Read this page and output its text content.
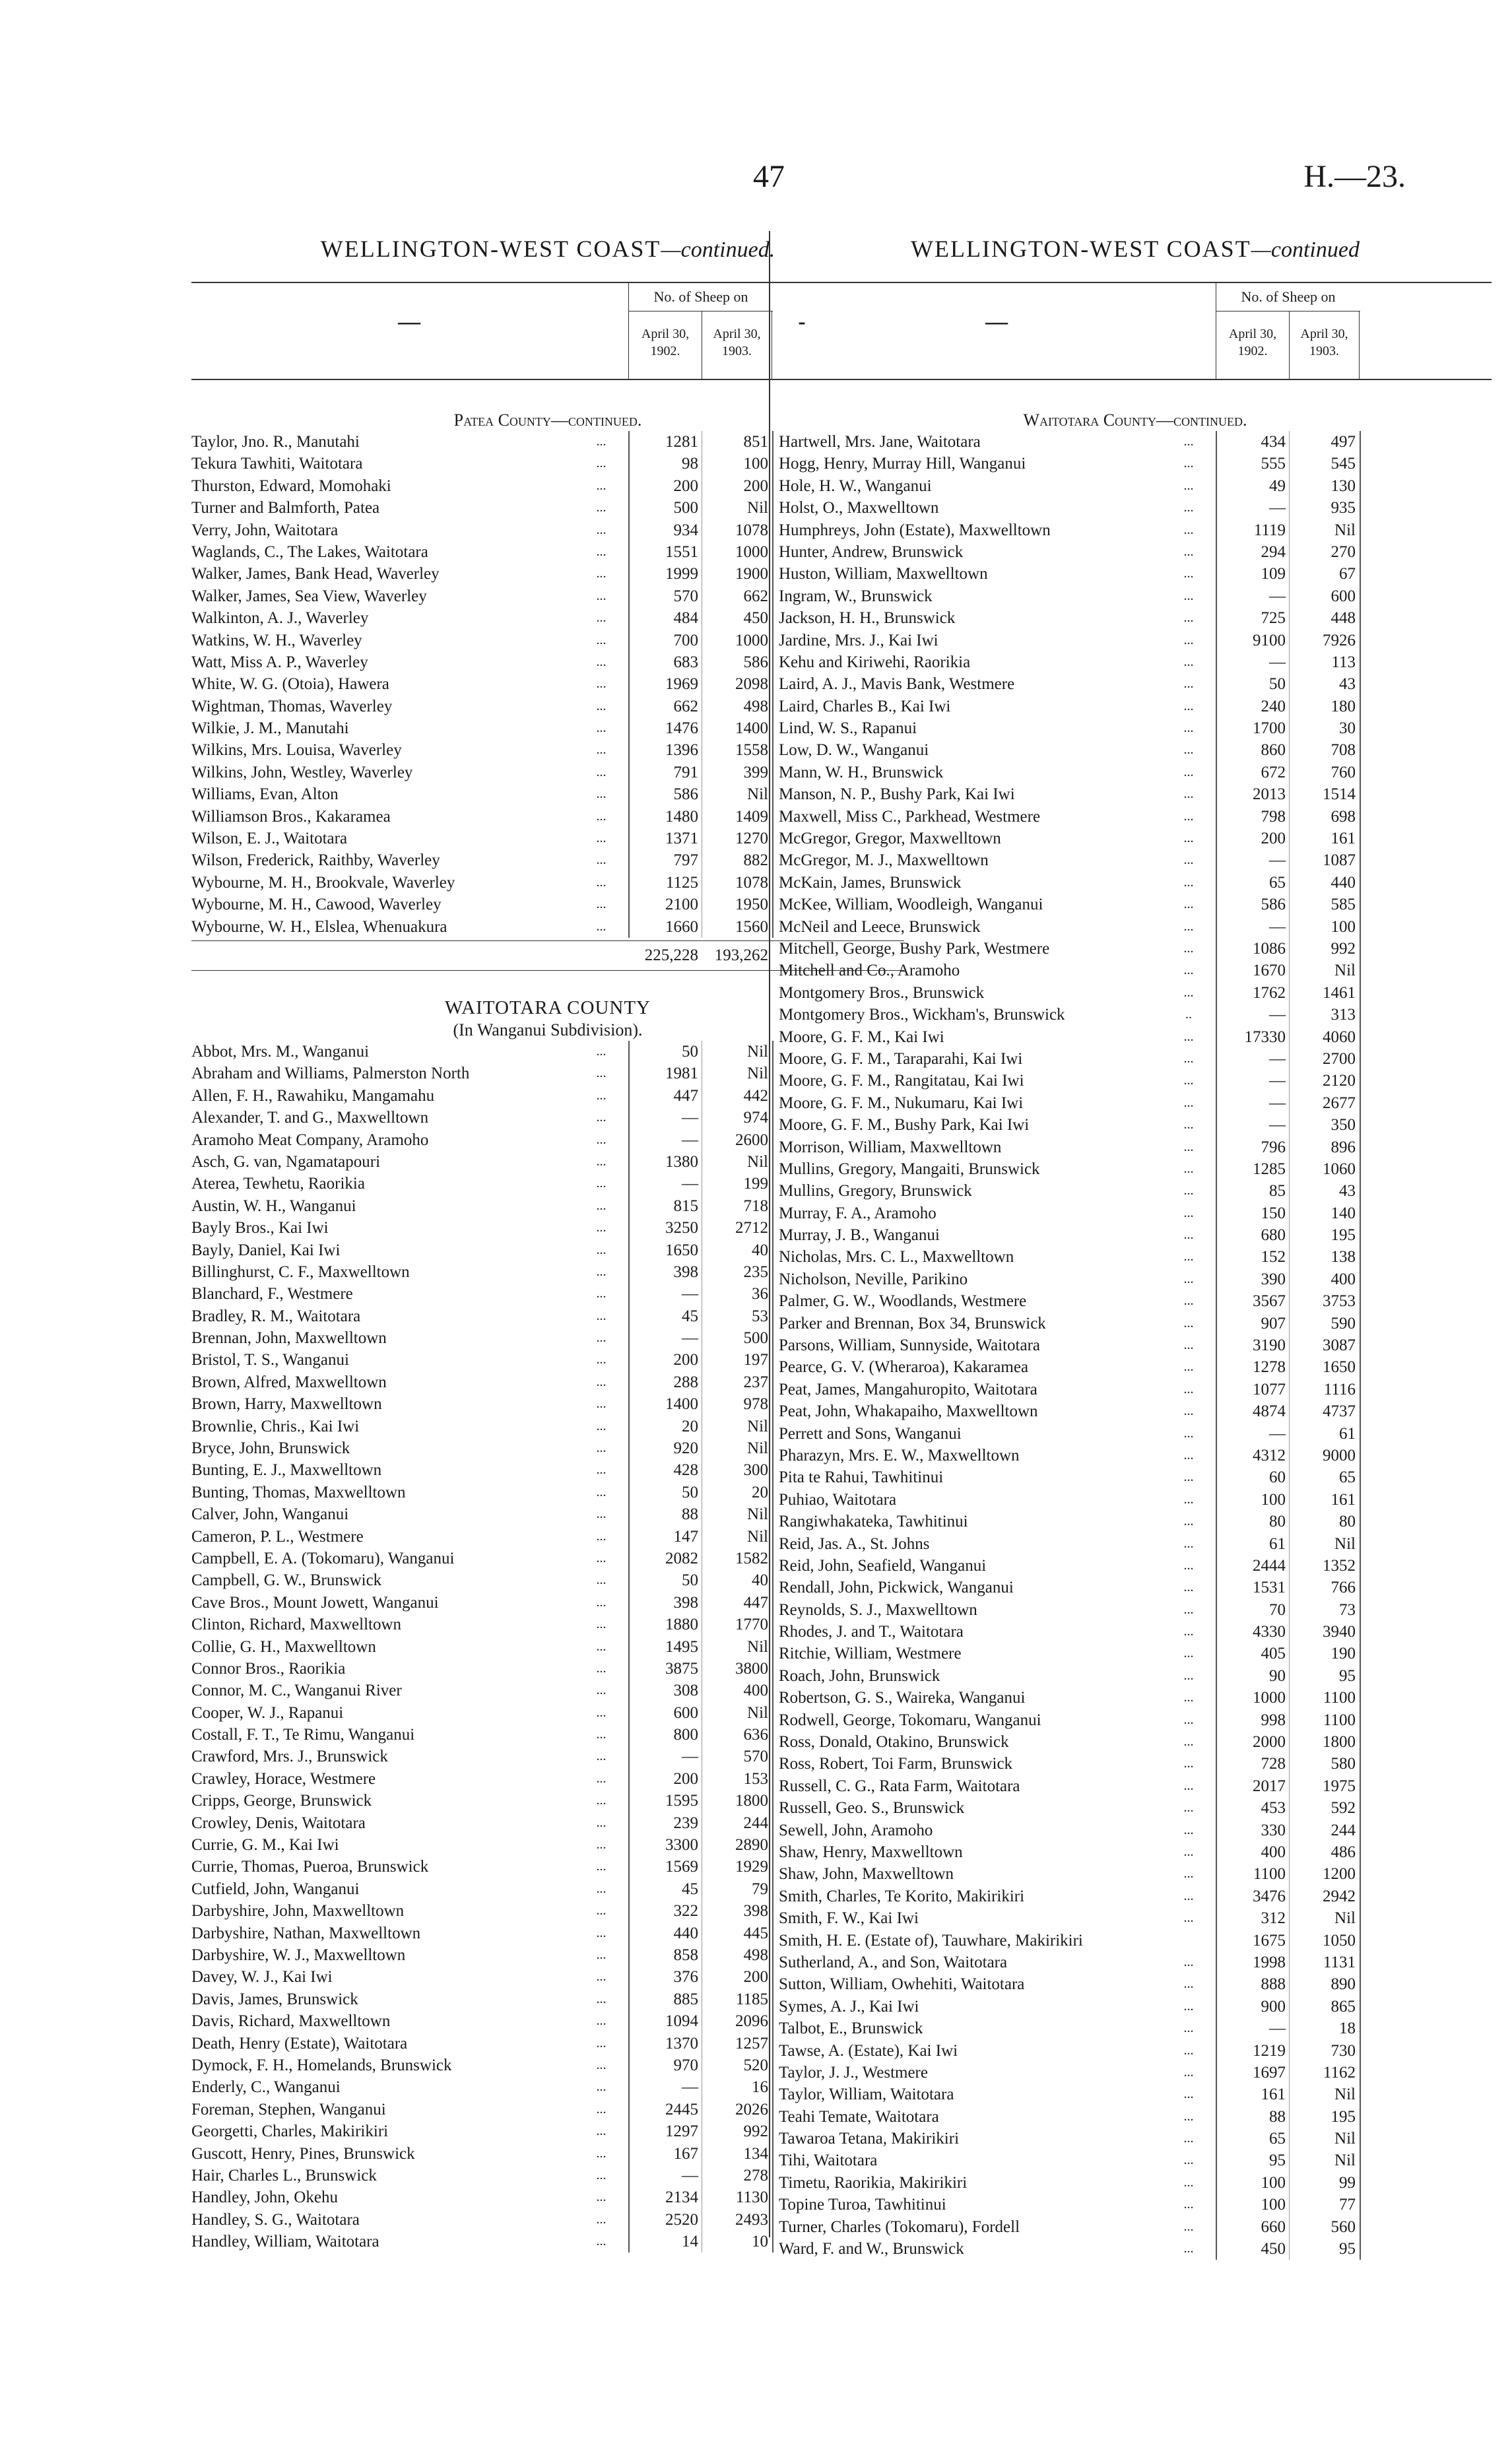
47	H.—23.
WELLINGTON-WEST COAST—continued.
—
No. of Sheep on
April 30,
1902.
April 30,
1903.
Patea County—continued.
Taylor, Jno. R., Manutahi	...	1281	851
Tekura Tawhiti, Waitotara	...	98	100
Thurston, Edward, Momohaki	...	200	200
Turner and Balmforth, Patea	...	500	Nil
Verry, John, Waitotara	...	934	1078
Waglands, C., The Lakes, Waitotara	...	1551	1000
Walker, James, Bank Head, Waverley	...	1999	1900
Walker, James, Sea View, Waverley	...	570	662
Walkinton, A. J., Waverley	...	484	450
Watkins, W. H., Waverley	...	700	1000
Watt, Miss A. P., Waverley	...	683	586
White, W. G. (Otoia), Hawera	...	1969	2098
Wightman, Thomas, Waverley	...	662	498
Wilkie, J. M., Manutahi	...	1476	1400
Wilkins, Mrs. Louisa, Waverley	...	1396	1558
Wilkins, John, Westley, Waverley	...	791	399
Williams, Evan, Alton	...	586	Nil
Williamson Bros., Kakaramea	...	1480	1409
Wilson, E. J., Waitotara	...	1371	1270
Wilson, Frederick, Raithby, Waverley	...	797	882
Wybourne, M. H., Brookvale, Waverley	...	1125	1078
Wybourne, M. H., Cawood, Waverley	...	2100	1950
Wybourne, W. H., Elslea, Whenuakura	...	1660	1560
225,228 193,262
WAITOTARA COUNTY
(In Wanganui Subdivision).
Abbot, Mrs. M., Wanganui	...	50	Nil
Abraham and Williams, Palmerston North	...	1981	Nil
Allen, F. H., Rawahiku, Mangamahu	...	447	442
Alexander, T. and G., Maxwelltown	...	—	974
Aramoho Meat Company, Aramoho	...	—	2600
Asch, G. van, Ngamatapouri	...	1380	Nil
Aterea, Tewhetu, Raorikia	...	—	199
Austin, W. H., Wanganui	...	815	718
Bayly Bros., Kai Iwi	...	3250	2712
Bayly, Daniel, Kai Iwi	...	1650	40
Billinghurst, C. F., Maxwelltown	...	398	235
Blanchard, F., Westmere	...	—	36
Bradley, R. M., Waitotara	...	45	53
Brennan, John, Maxwelltown	...	—	500
Bristol, T. S., Wanganui	...	200	197
Brown, Alfred, Maxwelltown	...	288	237
Brown, Harry, Maxwelltown	...	1400	978
Brownlie, Chris., Kai Iwi	...	20	Nil
Bryce, John, Brunswick	...	920	Nil
Bunting, E. J., Maxwelltown	...	428	300
Bunting, Thomas, Maxwelltown	...	50	20
Calver, John, Wanganui	...	88	Nil
Cameron, P. L., Westmere	...	147	Nil
Campbell, E. A. (Tokomaru), Wanganui	...	2082	1582
Campbell, G. W., Brunswick	...	50	40
Cave Bros., Mount Jowett, Wanganui	...	398	447
Clinton, Richard, Maxwelltown	...	1880	1770
Collie, G. H., Maxwelltown	...	1495	Nil
Connor Bros., Raorikia	...	3875	3800
Connor, M. C., Wanganui River	...	308	400
Cooper, W. J., Rapanui	...	600	Nil
Costall, F. T., Te Rimu, Wanganui	...	800	636
Crawford, Mrs. J., Brunswick	...	—	570
Crawley, Horace, Westmere	...	200	153
Cripps, George, Brunswick	...	1595	1800
Crowley, Denis, Waitotara	...	239	244
Currie, G. M., Kai Iwi	...	3300	2890
Currie, Thomas, Pueroa, Brunswick	...	1569	1929
Cutfield, John, Wanganui	...	45	79
Darbyshire, John, Maxwelltown	...	322	398
Darbyshire, Nathan, Maxwelltown	...	440	445
Darbyshire, W. J., Maxwelltown	...	858	498
Davey, W. J., Kai Iwi	...	376	200
Davis, James, Brunswick	...	885	1185
Davis, Richard, Maxwelltown	...	1094	2096
Death, Henry (Estate), Waitotara	...	1370	1257
Dymock, F. H., Homelands, Brunswick	...	970	520
Enderly, C., Wanganui	...	—	16
Foreman, Stephen, Wanganui	...	2445	2026
Georgetti, Charles, Makirikiri	...	1297	992
Guscott, Henry, Pines, Brunswick	...	167	134
Hair, Charles L., Brunswick	...	—	278
Handley, John, Okehu	...	2134	1130
Handley, S. G., Waitotara	...	2520	2493
Handley, William, Waitotara	...	14	10
WELLINGTON-WEST COAST—continued
-	—
No. of Sheep on
April 30,
1902.
April 30,
1903.
Waitotara County—continued.
Hartwell, Mrs. Jane, Waitotara	...	434	497
Hogg, Henry, Murray Hill, Wanganui	...	555	545
Hole, H. W., Wanganui	...	49	130
Holst, O., Maxwelltown	...	—	935
Humphreys, John (Estate), Maxwelltown	...	1119	Nil
Hunter, Andrew, Brunswick	...	294	270
Huston, William, Maxwelltown	...	109	67
Ingram, W., Brunswick	...	—	600
Jackson, H. H., Brunswick	...	725	448
Jardine, Mrs. J., Kai Iwi	...	9100	7926
Kehu and Kiriwehi, Raorikia	...	—	113
Laird, A. J., Mavis Bank, Westmere	...	50	43
Laird, Charles B., Kai Iwi	...	240	180
Lind, W. S., Rapanui	...	1700	30
Low, D. W., Wanganui	...	860	708
Mann, W. H., Brunswick	...	672	760
Manson, N. P., Bushy Park, Kai Iwi	...	2013	1514
Maxwell, Miss C., Parkhead, Westmere	...	798	698
McGregor, Gregor, Maxwelltown	...	200	161
McGregor, M. J., Maxwelltown	...	—	1087
McKain, James, Brunswick	...	65	440
McKee, William, Woodleigh, Wanganui	...	586	585
McNeil and Leece, Brunswick	...	—	100
Mitchell, George, Bushy Park, Westmere	...	1086	992
Mitchell and Co., Aramoho	...	1670	Nil
Montgomery Bros., Brunswick	...	1762	1461
Montgomery Bros., Wickham's, Brunswick	..	—	313
Moore, G. F. M., Kai Iwi	...	17330	4060
Moore, G. F. M., Taraparahi, Kai Iwi	...	—	2700
Moore, G. F. M., Rangitatau, Kai Iwi	...	—	2120
Moore, G. F. M., Nukumaru, Kai Iwi	...	—	2677
Moore, G. F. M., Bushy Park, Kai Iwi	...	—	350
Morrison, William, Maxwelltown	...	796	896
Mullins, Gregory, Mangaiti, Brunswick	...	1285	1060
Mullins, Gregory, Brunswick	...	85	43
Murray, F. A., Aramoho	...	150	140
Murray, J. B., Wanganui	...	680	195
Nicholas, Mrs. C. L., Maxwelltown	...	152	138
Nicholson, Neville, Parikino	...	390	400
Palmer, G. W., Woodlands, Westmere	...	3567	3753
Parker and Brennan, Box 34, Brunswick	...	907	590
Parsons, William, Sunnyside, Waitotara	...	3190	3087
Pearce, G. V. (Wheraroa), Kakaramea	...	1278	1650
Peat, James, Mangahuropito, Waitotara	...	1077	1116
Peat, John, Whakapaiho, Maxwelltown	...	4874	4737
Perrett and Sons, Wanganui	...	—	61
Pharazyn, Mrs. E. W., Maxwelltown	...	4312	9000
Pita te Rahui, Tawhitinui	...	60	65
Puhiao, Waitotara	...	100	161
Rangiwhakateka, Tawhitinui	...	80	80
Reid, Jas. A., St. Johns	...	61	Nil
Reid, John, Seafield, Wanganui	...	2444	1352
Rendall, John, Pickwick, Wanganui	...	1531	766
Reynolds, S. J., Maxwelltown	...	70	73
Rhodes, J. and T., Waitotara	...	4330	3940
Ritchie, William, Westmere	...	405	190
Roach, John, Brunswick	...	90	95
Robertson, G. S., Waireka, Wanganui	...	1000	1100
Rodwell, George, Tokomaru, Wanganui	...	998	1100
Ross, Donald, Otakino, Brunswick	...	2000	1800
Ross, Robert, Toi Farm, Brunswick	...	728	580
Russell, C. G., Rata Farm, Waitotara	...	2017	1975
Russell, Geo. S., Brunswick	...	453	592
Sewell, John, Aramoho	...	330	244
Shaw, Henry, Maxwelltown	...	400	486
Shaw, John, Maxwelltown	...	1100	1200
Smith, Charles, Te Korito, Makirikiri	...	3476	2942
Smith, F. W., Kai Iwi	...	312	Nil
Smith, H. E. (Estate of), Tauwhare, Makirikiri	1675	1050
Sutherland, A., and Son, Waitotara	...	1998	1131
Sutton, William, Owhehiti, Waitotara	...	888	890
Symes, A. J., Kai Iwi	...	900	865
Talbot, E., Brunswick	...	—	18
Tawse, A. (Estate), Kai Iwi	...	1219	730
Taylor, J. J., Westmere	...	1697	1162
Taylor, William, Waitotara	...	161	Nil
Teahi Temate, Waitotara	...	88	195
Tawaroa Tetana, Makirikiri	...	65	Nil
Tihi, Waitotara	...	95	Nil
Timetu, Raorikia, Makirikiri	...	100	99
Topine Turoa, Tawhitinui	...	100	77
Turner, Charles (Tokomaru), Fordell	...	660	560
Ward, F. and W., Brunswick	...	450	95
